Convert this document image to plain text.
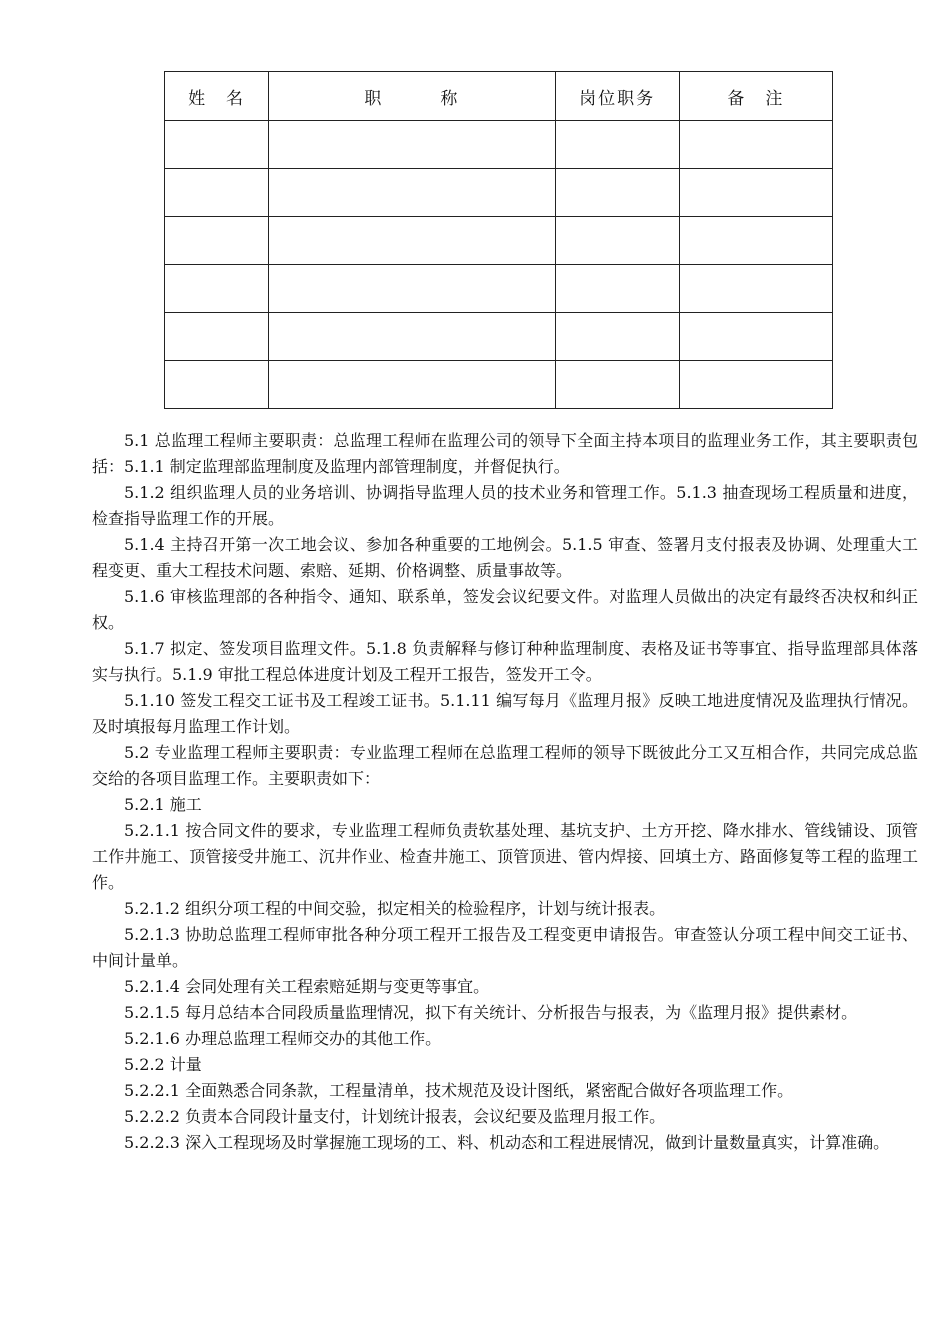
姓　名	职　　　称	岗位职务	备　注

5.1 总监理工程师主要职责：总监理工程师在监理公司的领导下全面主持本项目的监理业务工作，其主要职责包括：5.1.1 制定监理部监理制度及监理内部管理制度，并督促执行。

5.1.2 组织监理人员的业务培训、协调指导监理人员的技术业务和管理工作。5.1.3 抽查现场工程质量和进度，检查指导监理工作的开展。

5.1.4 主持召开第一次工地会议、参加各种重要的工地例会。5.1.5 审查、签署月支付报表及协调、处理重大工程变更、重大工程技术问题、索赔、延期、价格调整、质量事故等。

5.1.6 审核监理部的各种指令、通知、联系单，签发会议纪要文件。对监理人员做出的决定有最终否决权和纠正权。

5.1.7 拟定、签发项目监理文件。5.1.8 负责解释与修订种种监理制度、表格及证书等事宜、指导监理部具体落实与执行。5.1.9 审批工程总体进度计划及工程开工报告，签发开工令。

5.1.10 签发工程交工证书及工程竣工证书。5.1.11 编写每月《监理月报》反映工地进度情况及监理执行情况。及时填报每月监理工作计划。

5.2 专业监理工程师主要职责：专业监理工程师在总监理工程师的领导下既彼此分工又互相合作，共同完成总监交给的各项目监理工作。主要职责如下：

5.2.1 施工

5.2.1.1 按合同文件的要求，专业监理工程师负责软基处理、基坑支护、土方开挖、降水排水、管线铺设、顶管工作井施工、顶管接受井施工、沉井作业、检查井施工、顶管顶进、管内焊接、回填土方、路面修复等工程的监理工作。

5.2.1.2 组织分项工程的中间交验，拟定相关的检验程序，计划与统计报表。

5.2.1.3 协助总监理工程师审批各种分项工程开工报告及工程变更申请报告。审查签认分项工程中间交工证书、中间计量单。

5.2.1.4 会同处理有关工程索赔延期与变更等事宜。

5.2.1.5 每月总结本合同段质量监理情况，拟下有关统计、分析报告与报表，为《监理月报》提供素材。

5.2.1.6 办理总监理工程师交办的其他工作。

5.2.2 计量

5.2.2.1 全面熟悉合同条款，工程量清单，技术规范及设计图纸，紧密配合做好各项监理工作。

5.2.2.2 负责本合同段计量支付，计划统计报表，会议纪要及监理月报工作。

5.2.2.3 深入工程现场及时掌握施工现场的工、料、机动态和工程进展情况，做到计量数量真实，计算准确。
